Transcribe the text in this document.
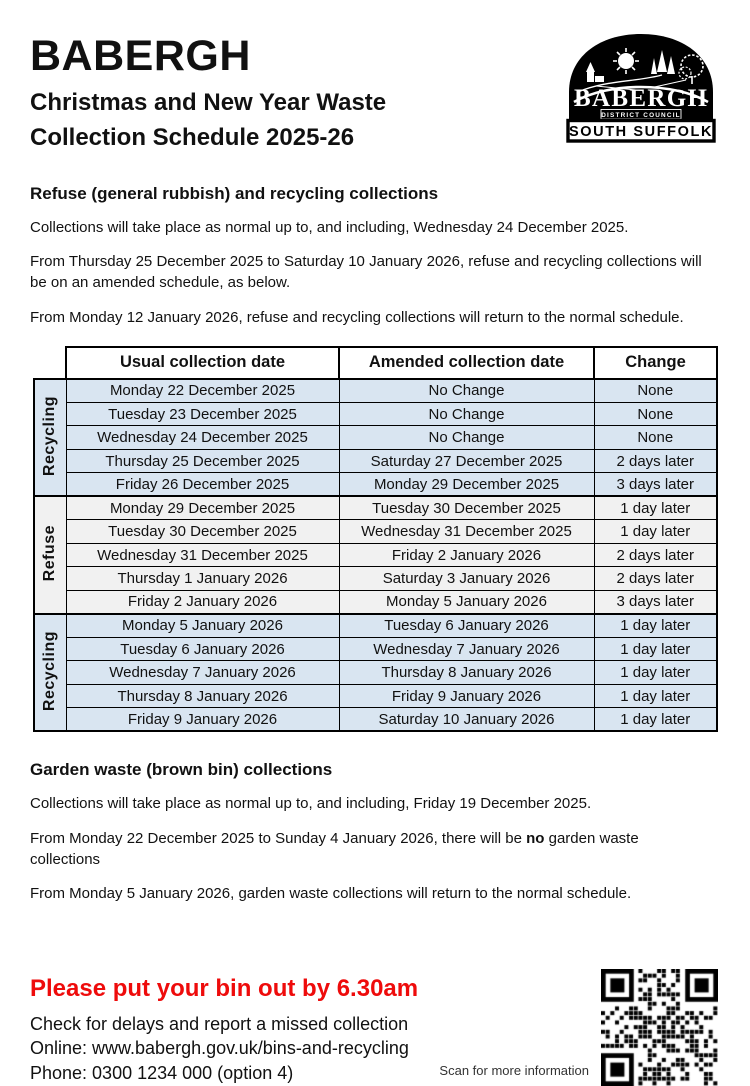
BABERGH
Christmas and New Year Waste
Collection Schedule 2025-26
BABERGH
DISTRICT COUNCIL
SOUTH SUFFOLK
Refuse (general rubbish) and recycling collections

Collections will take place as normal up to, and including, Wednesday 24 December 2025.

From Thursday 25 December 2025 to Saturday 10 January 2026, refuse and recycling collections will be on an amended schedule, as below.

From Monday 12 January 2026, refuse and recycling collections will return to the normal schedule.

	Usual collection date	Amended collection date	Change
Recycling	Monday 22 December 2025	No Change	None
	Tuesday 23 December 2025	No Change	None
	Wednesday 24 December 2025	No Change	None
	Thursday 25 December 2025	Saturday 27 December 2025	2 days later
	Friday 26 December 2025	Monday 29 December 2025	3 days later
Refuse	Monday 29 December 2025	Tuesday 30 December 2025	1 day later
	Tuesday 30 December 2025	Wednesday 31 December 2025	1 day later
	Wednesday 31 December 2025	Friday 2 January 2026	2 days later
	Thursday 1 January 2026	Saturday 3 January 2026	2 days later
	Friday 2 January 2026	Monday 5 January 2026	3 days later
Recycling	Monday 5 January 2026	Tuesday 6 January 2026	1 day later
	Tuesday 6 January 2026	Wednesday 7 January 2026	1 day later
	Wednesday 7 January 2026	Thursday 8 January 2026	1 day later
	Thursday 8 January 2026	Friday 9 January 2026	1 day later
	Friday 9 January 2026	Saturday 10 January 2026	1 day later
Garden waste (brown bin) collections

Collections will take place as normal up to, and including, Friday 19 December 2025.

From Monday 22 December 2025 to Sunday 4 January 2026, there will be no garden waste collections

From Monday 5 January 2026, garden waste collections will return to the normal schedule.

Please put your bin out by 6.30am
Check for delays and report a missed collection
Online: www.babergh.gov.uk/bins-and-recycling
Phone: 0300 1234 000 (option 4)	Scan for more information
